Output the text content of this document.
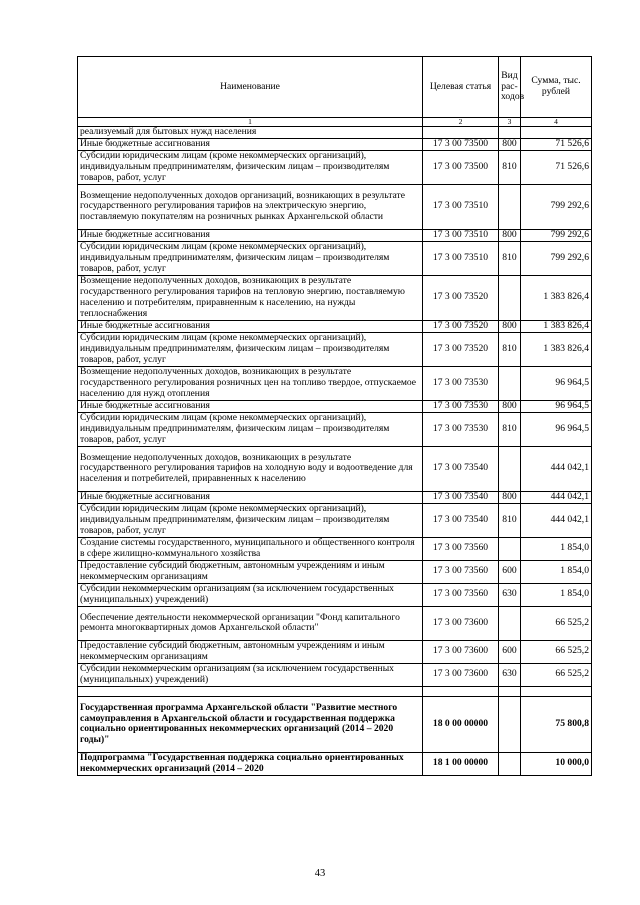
Наименование	Целевая статья	Вид рас-ходов	Сумма, тыс. рублей
1	2	3	4
реализуемый для бытовых нужд населения			
Иные бюджетные ассигнования	17 3 00 73500	800	71 526,6
Субсидии юридическим лицам (кроме некоммерческих организаций), индивидуальным предпринимателям, физическим лицам – производителям товаров, работ, услуг	17 3 00 73500	810	71 526,6
Возмещение недополученных доходов организаций, возникающих в результате государственного регулирования тарифов на электрическую энергию, поставляемую покупателям на розничных рынках Архангельской области	17 3 00 73510		799 292,6
Иные бюджетные ассигнования	17 3 00 73510	800	799 292,6
Субсидии юридическим лицам (кроме некоммерческих организаций), индивидуальным предпринимателям, физическим лицам – производителям товаров, работ, услуг	17 3 00 73510	810	799 292,6
Возмещение недополученных доходов, возникающих в результате государственного регулирования тарифов на тепловую энергию, поставляемую населению и потребителям, приравненным к населению, на нужды теплоснабжения	17 3 00 73520		1 383 826,4
Иные бюджетные ассигнования	17 3 00 73520	800	1 383 826,4
Субсидии юридическим лицам (кроме некоммерческих организаций), индивидуальным предпринимателям, физическим лицам – производителям товаров, работ, услуг	17 3 00 73520	810	1 383 826,4
Возмещение недополученных доходов, возникающих в результате государственного регулирования розничных цен на топливо твердое, отпускаемое населению для нужд отопления	17 3 00 73530		96 964,5
Иные бюджетные ассигнования	17 3 00 73530	800	96 964,5
Субсидии юридическим лицам (кроме некоммерческих организаций), индивидуальным предпринимателям, физическим лицам – производителям товаров, работ, услуг	17 3 00 73530	810	96 964,5
Возмещение недополученных доходов, возникающих в результате государственного регулирования тарифов на холодную воду и водоотведение для населения и потребителей, приравненных к населению	17 3 00 73540		444 042,1
Иные бюджетные ассигнования	17 3 00 73540	800	444 042,1
Субсидии юридическим лицам (кроме некоммерческих организаций), индивидуальным предпринимателям, физическим лицам – производителям товаров, работ, услуг	17 3 00 73540	810	444 042,1
Создание системы государственного, муниципального и общественного контроля в сфере жилищно-коммунального хозяйства	17 3 00 73560		1 854,0
Предоставление субсидий бюджетным, автономным учреждениям и иным некоммерческим организациям	17 3 00 73560	600	1 854,0
Субсидии некоммерческим организациям (за исключением государственных (муниципальных) учреждений)	17 3 00 73560	630	1 854,0
Обеспечение деятельности некоммерческой организации "Фонд капитального ремонта многоквартирных домов Архангельской области"	17 3 00 73600		66 525,2
Предоставление субсидий бюджетным, автономным учреждениям и иным некоммерческим организациям	17 3 00 73600	600	66 525,2
Субсидии некоммерческим организациям (за исключением государственных (муниципальных) учреждений)	17 3 00 73600	630	66 525,2

Государственная программа Архангельской области "Развитие местного самоуправления в Архангельской области и государственная поддержка социально ориентированных некоммерческих организаций (2014 – 2020 годы)"	18 0 00 00000		75 800,8
Подпрограмма "Государственная поддержка социально ориентированных некоммерческих организаций (2014 – 2020	18 1 00 00000		10 000,0
43
